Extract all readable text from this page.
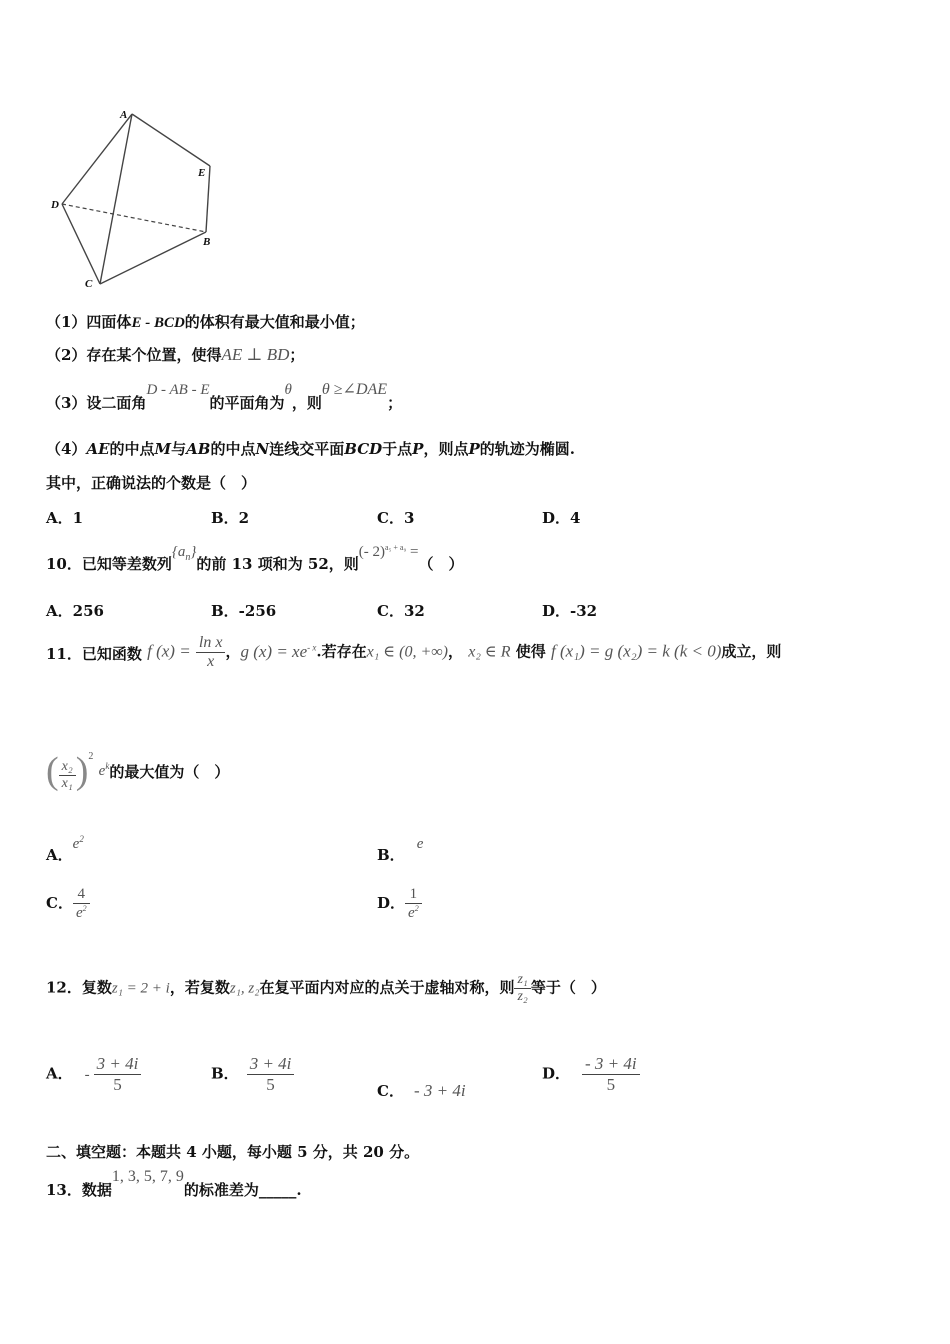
A
E
D
B
C
（1）四面体E - BCD的体积有最大值和最小值；
（2）存在某个位置，使得AE ⊥ BD；
（3）设二面角D - AB - E的平面角为θ，则θ ≥∠DAE；
（4）AE的中点M与AB的中点N连线交平面BCD于点P，则点P的轨迹为椭圆.
其中，正确说法的个数是（　）
A．1	B．2	C．3	D．4
10．已知等差数列$\{a_n\}$的前 13 项和为 52，则(- 2)$^{a_5 + a_9}$ =（　）
A．256	B．-256	C．32	D．-32
11．已知函数 f $(x) = \frac{\text{ln x}}{x}$ ，g $(x) = xe^{- x}$.若存在x₁ ∈ (0, +∞)， x₂ ∈ R 使得 f (x₁) = g (x₂) = k (k < 0)成立，则
( $\frac{\text{x₂}}{\text{x₁}} )^2$ $e^k$的最大值为（　）
A．$e^2$
B．e
C． $\frac{4}{e^2}$	D． $\frac{1}{e^2}$
12．复数z₁ = 2 + i，若复数z₁, z₂在复平面内对应的点关于虚轴对称，则 $\frac{\text{z₁}}{\text{z₂}}$ 等于（　）
A． - $\frac{3 + 4i}{5}$	B． $\frac{3 + 4i}{5}$	C． - 3 + 4i
D． $\frac{- 3 + 4i}{5}$
二、填空题：本题共 4 小题，每小题 5 分，共 20 分。
13．数据1, 3, 5, 7, 9的标准差为_____.
